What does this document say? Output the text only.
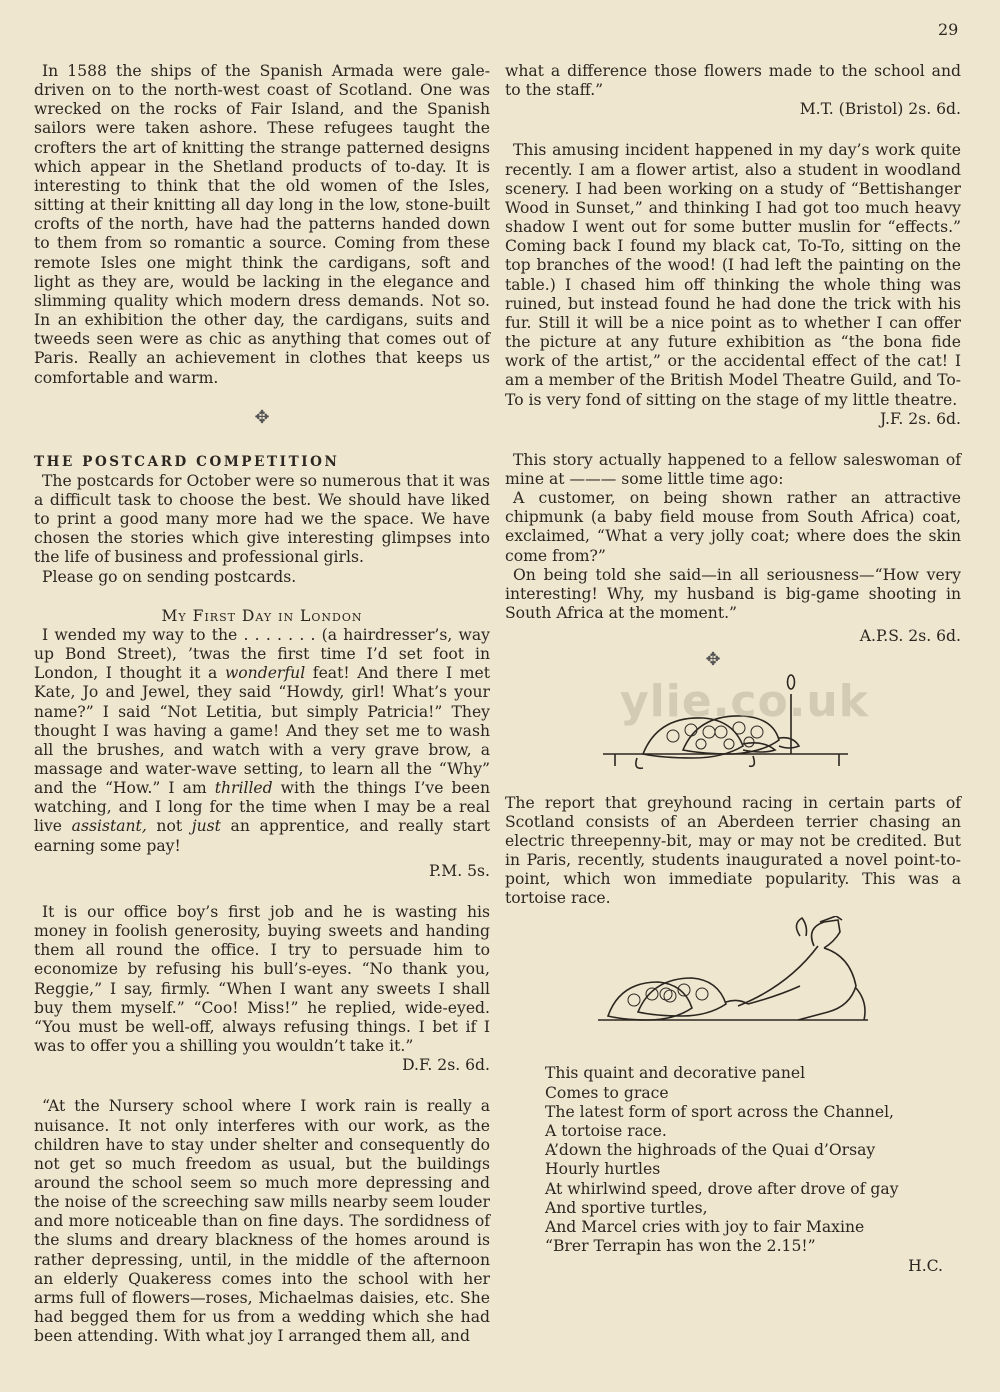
29

In 1588 the ships of the Spanish Armada were gale-driven on to the north-west coast of Scotland. One was wrecked on the rocks of Fair Island, and the Spanish sailors were taken ashore. These refugees taught the crofters the art of knitting the strange patterned designs which appear in the Shetland products of to-day. It is interesting to think that the old women of the Isles, sitting at their knitting all day long in the low, stone-built crofts of the north, have had the patterns handed down to them from so romantic a source. Coming from these remote Isles one might think the cardigans, soft and light as they are, would be lacking in the elegance and slimming quality which modern dress demands. Not so. In an exhibition the other day, the cardigans, suits and tweeds seen were as chic as anything that comes out of Paris. Really an achievement in clothes that keeps us comfortable and warm.

✥

THE POSTCARD COMPETITION

The postcards for October were so numerous that it was a difficult task to choose the best. We should have liked to print a good many more had we the space. We have chosen the stories which give interesting glimpses into the life of business and professional girls.

Please go on sending postcards.

My First Day in London

I wended my way to the . . . . . . . (a hairdresser’s, way up Bond Street), ’twas the first time I’d set foot in London, I thought it a wonderful feat! And there I met Kate, Jo and Jewel, they said “Howdy, girl! What’s your name?” I said “Not Letitia, but simply Patricia!” They thought I was having a game! And they set me to wash all the brushes, and watch with a very grave brow, a massage and water-wave setting, to learn all the “Why” and the “How.” I am thrilled with the things I’ve been watching, and I long for the time when I may be a real live assistant, not just an apprentice, and really start earning some pay!

P.M. 5s.

It is our office boy’s first job and he is wasting his money in foolish generosity, buying sweets and handing them all round the office. I try to persuade him to economize by refusing his bull’s-eyes. “No thank you, Reggie,” I say, firmly. “When I want any sweets I shall buy them myself.” “Coo! Miss!” he replied, wide-eyed. “You must be well-off, always refusing things. I bet if I was to offer you a shilling you wouldn’t take it.”

D.F. 2s. 6d.

“At the Nursery school where I work rain is really a nuisance. It not only interferes with our work, as the children have to stay under shelter and consequently do not get so much freedom as usual, but the buildings around the school seem so much more depressing and the noise of the screeching saw mills nearby seem louder and more noticeable than on fine days. The sordidness of the slums and dreary blackness of the homes around is rather depressing, until, in the middle of the afternoon an elderly Quakeress comes into the school with her arms full of flowers—roses, Michaelmas daisies, etc. She had begged them for us from a wedding which she had been attending. With what joy I arranged them all, and

what a difference those flowers made to the school and to the staff.”

M.T. (Bristol) 2s. 6d.

This amusing incident happened in my day’s work quite recently. I am a flower artist, also a student in woodland scenery. I had been working on a study of “Bettishanger Wood in Sunset,” and thinking I had got too much heavy shadow I went out for some butter muslin for “effects.” Coming back I found my black cat, To-To, sitting on the top branches of the wood! (I had left the painting on the table.) I chased him off thinking the whole thing was ruined, but instead found he had done the trick with his fur. Still it will be a nice point as to whether I can offer the picture at any future exhibition as “the bona fide work of the artist,” or the accidental effect of the cat! I am a member of the British Model Theatre Guild, and To-To is very fond of sitting on the stage of my little theatre.

J.F. 2s. 6d.

This story actually happened to a fellow saleswoman of mine at ——— some little time ago:

A customer, on being shown rather an attractive chipmunk (a baby field mouse from South Africa) coat, exclaimed, “What a very jolly coat; where does the skin come from?”

On being told she said—in all seriousness—“How very interesting! Why, my husband is big-game shooting in South Africa at the moment.”

A.P.S. 2s. 6d.

✥

The report that greyhound racing in certain parts of Scotland consists of an Aberdeen terrier chasing an electric threepenny-bit, may or may not be credited. But in Paris, recently, students inaugurated a novel point-to-point, which won immediate popularity. This was a tortoise race.

This quaint and decorative panel
Comes to grace
The latest form of sport across the Channel,
A tortoise race.
A’down the highroads of the Quai d’Orsay
Hourly hurtles
At whirlwind speed, drove after drove of gay
And sportive turtles,
And Marcel cries with joy to fair Maxine
“Brer Terrapin has won the 2.15!”

H.C.

ylie.co.uk
